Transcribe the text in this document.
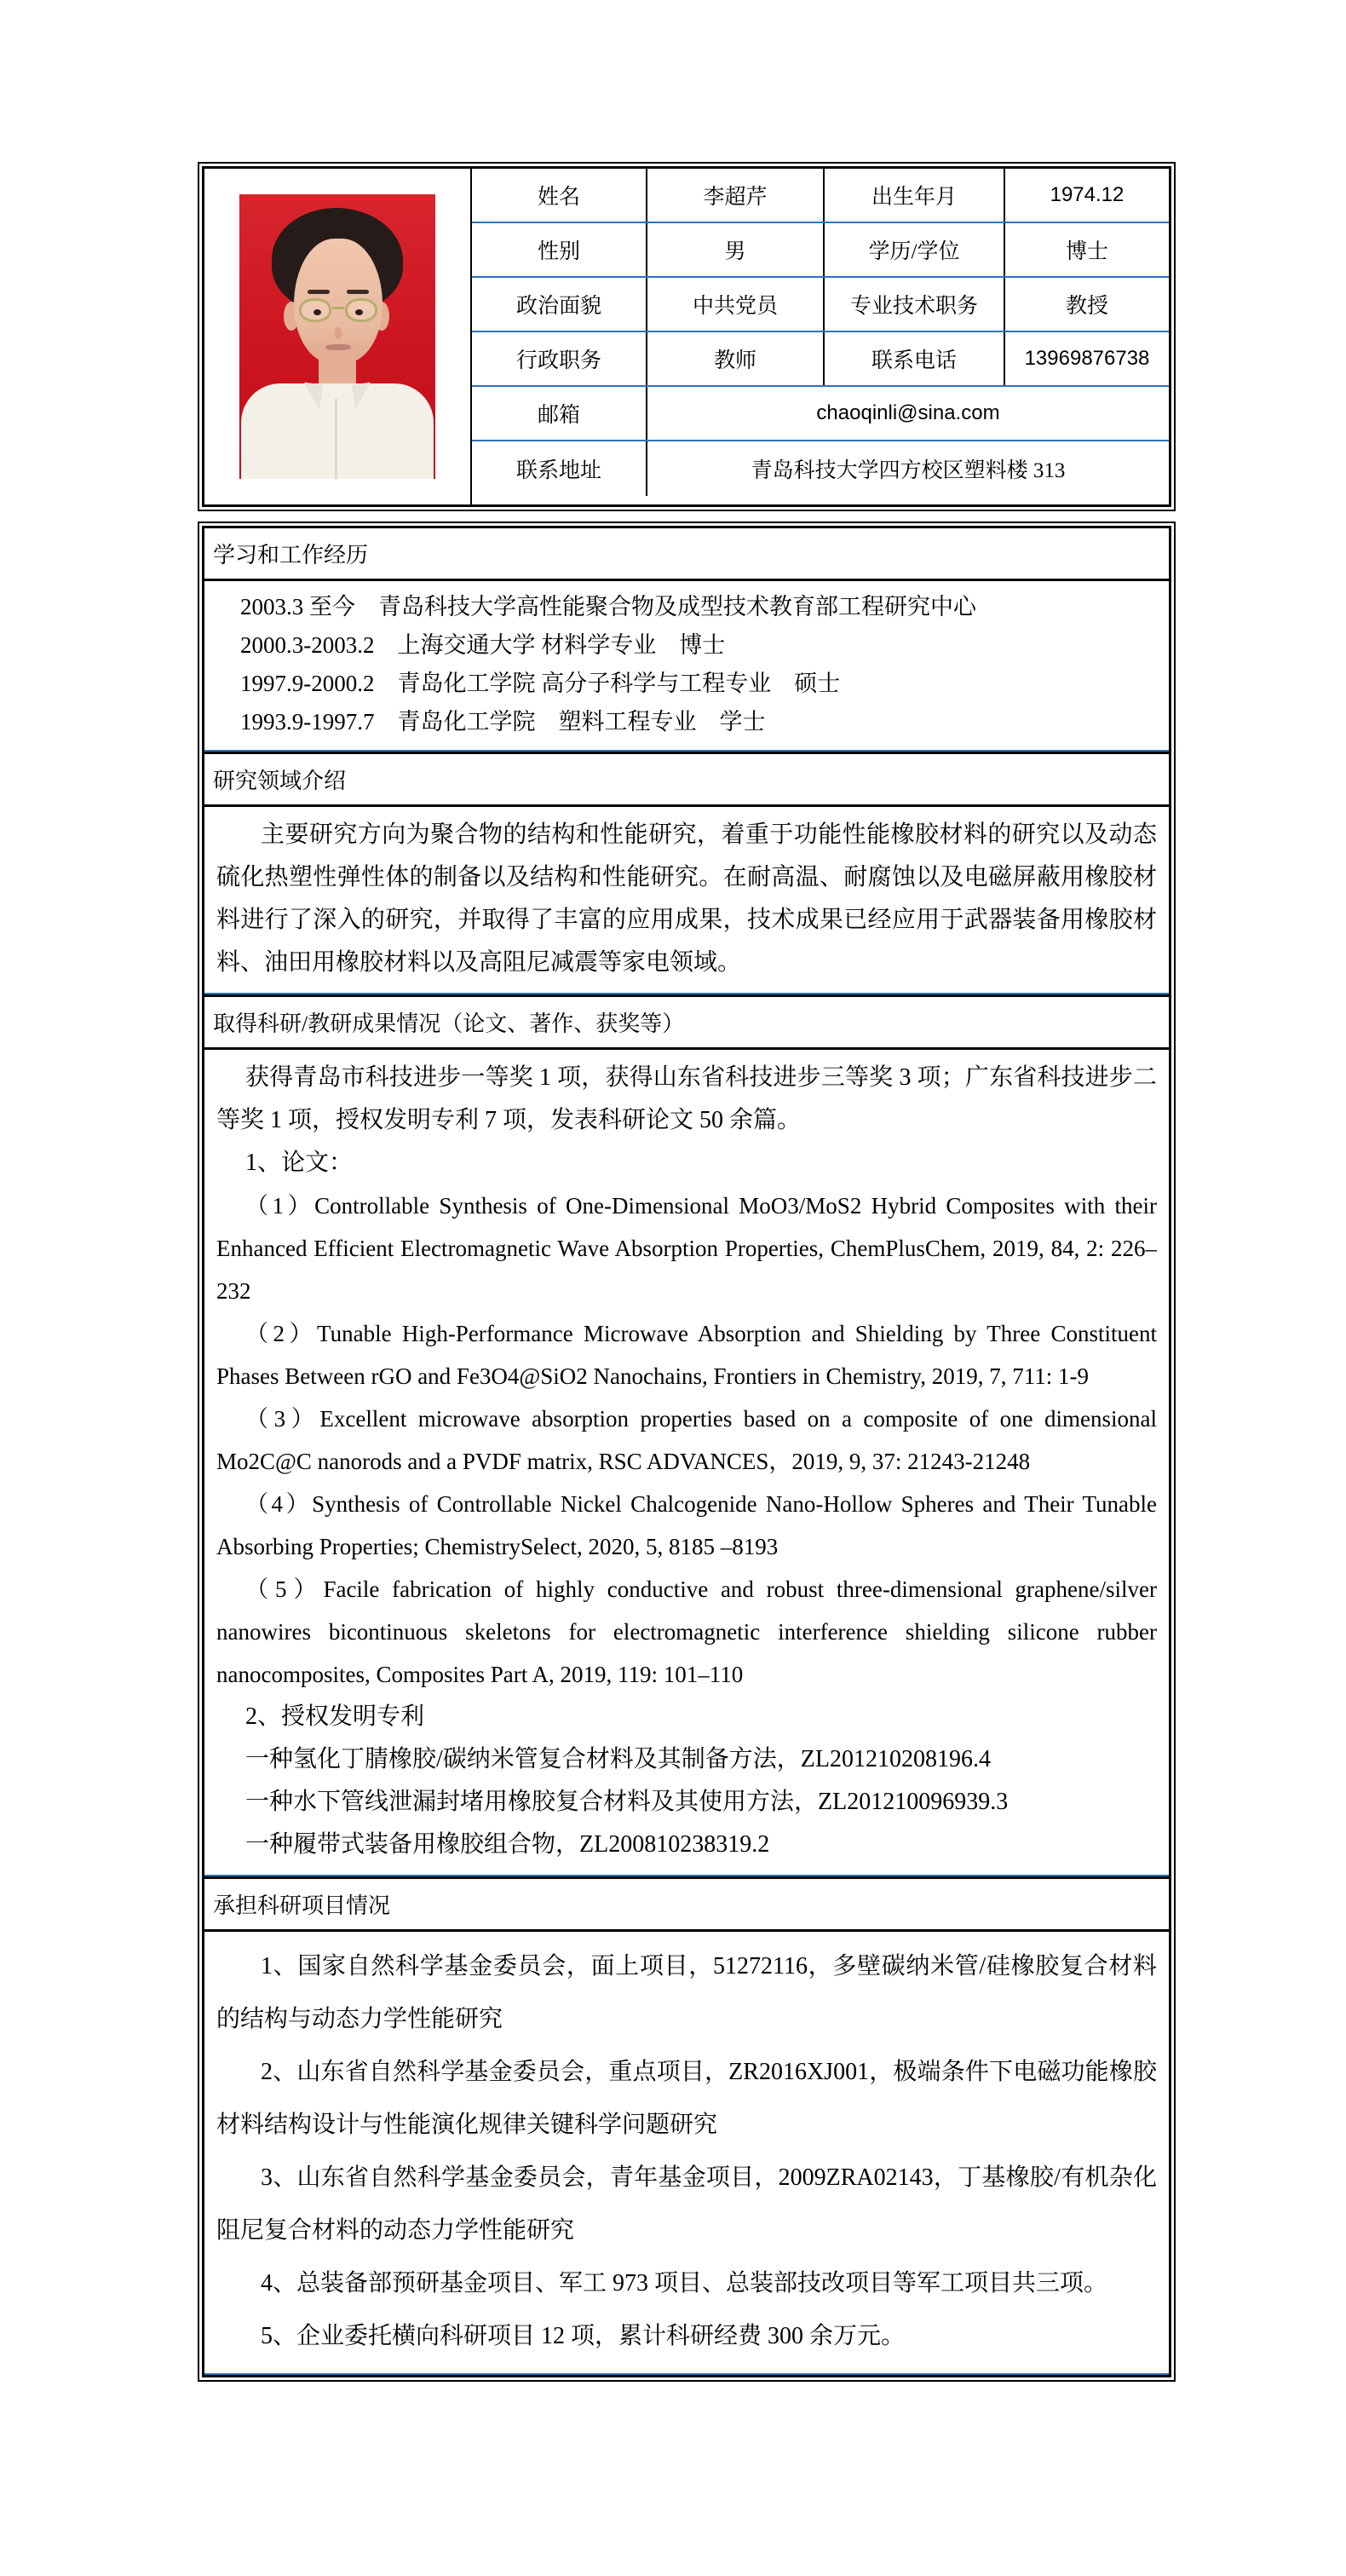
姓名	李超芹	出生年月	1974.12
性别	男	学历/学位	博士
政治面貌	中共党员	专业技术职务	教授
行政职务	教师	联系电话	13969876738
邮箱	chaoqinli@sina.com
联系地址	青岛科技大学四方校区塑料楼 313
学习和工作经历

2003.3 至今　青岛科技大学高性能聚合物及成型技术教育部工程研究中心

2000.3-2003.2　上海交通大学 材料学专业　博士

1997.9-2000.2　青岛化工学院 高分子科学与工程专业　硕士

1993.9-1997.7　青岛化工学院　塑料工程专业　学士

研究领域介绍

主要研究方向为聚合物的结构和性能研究，着重于功能性能橡胶材料的研究以及动态硫化热塑性弹性体的制备以及结构和性能研究。在耐高温、耐腐蚀以及电磁屏蔽用橡胶材料进行了深入的研究，并取得了丰富的应用成果，技术成果已经应用于武器装备用橡胶材料、油田用橡胶材料以及高阻尼减震等家电领域。

取得科研/教研成果情况（论文、著作、获奖等）

获得青岛市科技进步一等奖 1 项，获得山东省科技进步三等奖 3 项；广东省科技进步二等奖 1 项，授权发明专利 7 项，发表科研论文 50 余篇。

1、论文：

（1）Controllable Synthesis of One-Dimensional MoO3/MoS2 Hybrid Composites with their Enhanced Efficient Electromagnetic Wave Absorption Properties, ChemPlusChem, 2019, 84, 2: 226–232

（2）Tunable High-Performance Microwave Absorption and Shielding by Three Constituent Phases Between rGO and Fe3O4@SiO2 Nanochains, Frontiers in Chemistry, 2019, 7, 711: 1-9

（3）Excellent microwave absorption properties based on a composite of one dimensional Mo2C@C nanorods and a PVDF matrix, RSC ADVANCES，2019, 9, 37: 21243-21248

（4）Synthesis of Controllable Nickel Chalcogenide Nano-Hollow Spheres and Their Tunable Absorbing Properties; ChemistrySelect, 2020, 5, 8185 –8193

（5）Facile fabrication of highly conductive and robust three-dimensional graphene/silver nanowires bicontinuous skeletons for electromagnetic interference shielding silicone rubber nanocomposites, Composites Part A, 2019, 119: 101–110

2、授权发明专利

一种氢化丁腈橡胶/碳纳米管复合材料及其制备方法，ZL201210208196.4

一种水下管线泄漏封堵用橡胶复合材料及其使用方法，ZL201210096939.3

一种履带式装备用橡胶组合物，ZL200810238319.2

承担科研项目情况

1、国家自然科学基金委员会，面上项目，51272116，多壁碳纳米管/硅橡胶复合材料的结构与动态力学性能研究

2、山东省自然科学基金委员会，重点项目，ZR2016XJ001，极端条件下电磁功能橡胶材料结构设计与性能演化规律关键科学问题研究

3、山东省自然科学基金委员会，青年基金项目，2009ZRA02143，丁基橡胶/有机杂化阻尼复合材料的动态力学性能研究

4、总装备部预研基金项目、军工 973 项目、总装部技改项目等军工项目共三项。

5、企业委托横向科研项目 12 项，累计科研经费 300 余万元。
